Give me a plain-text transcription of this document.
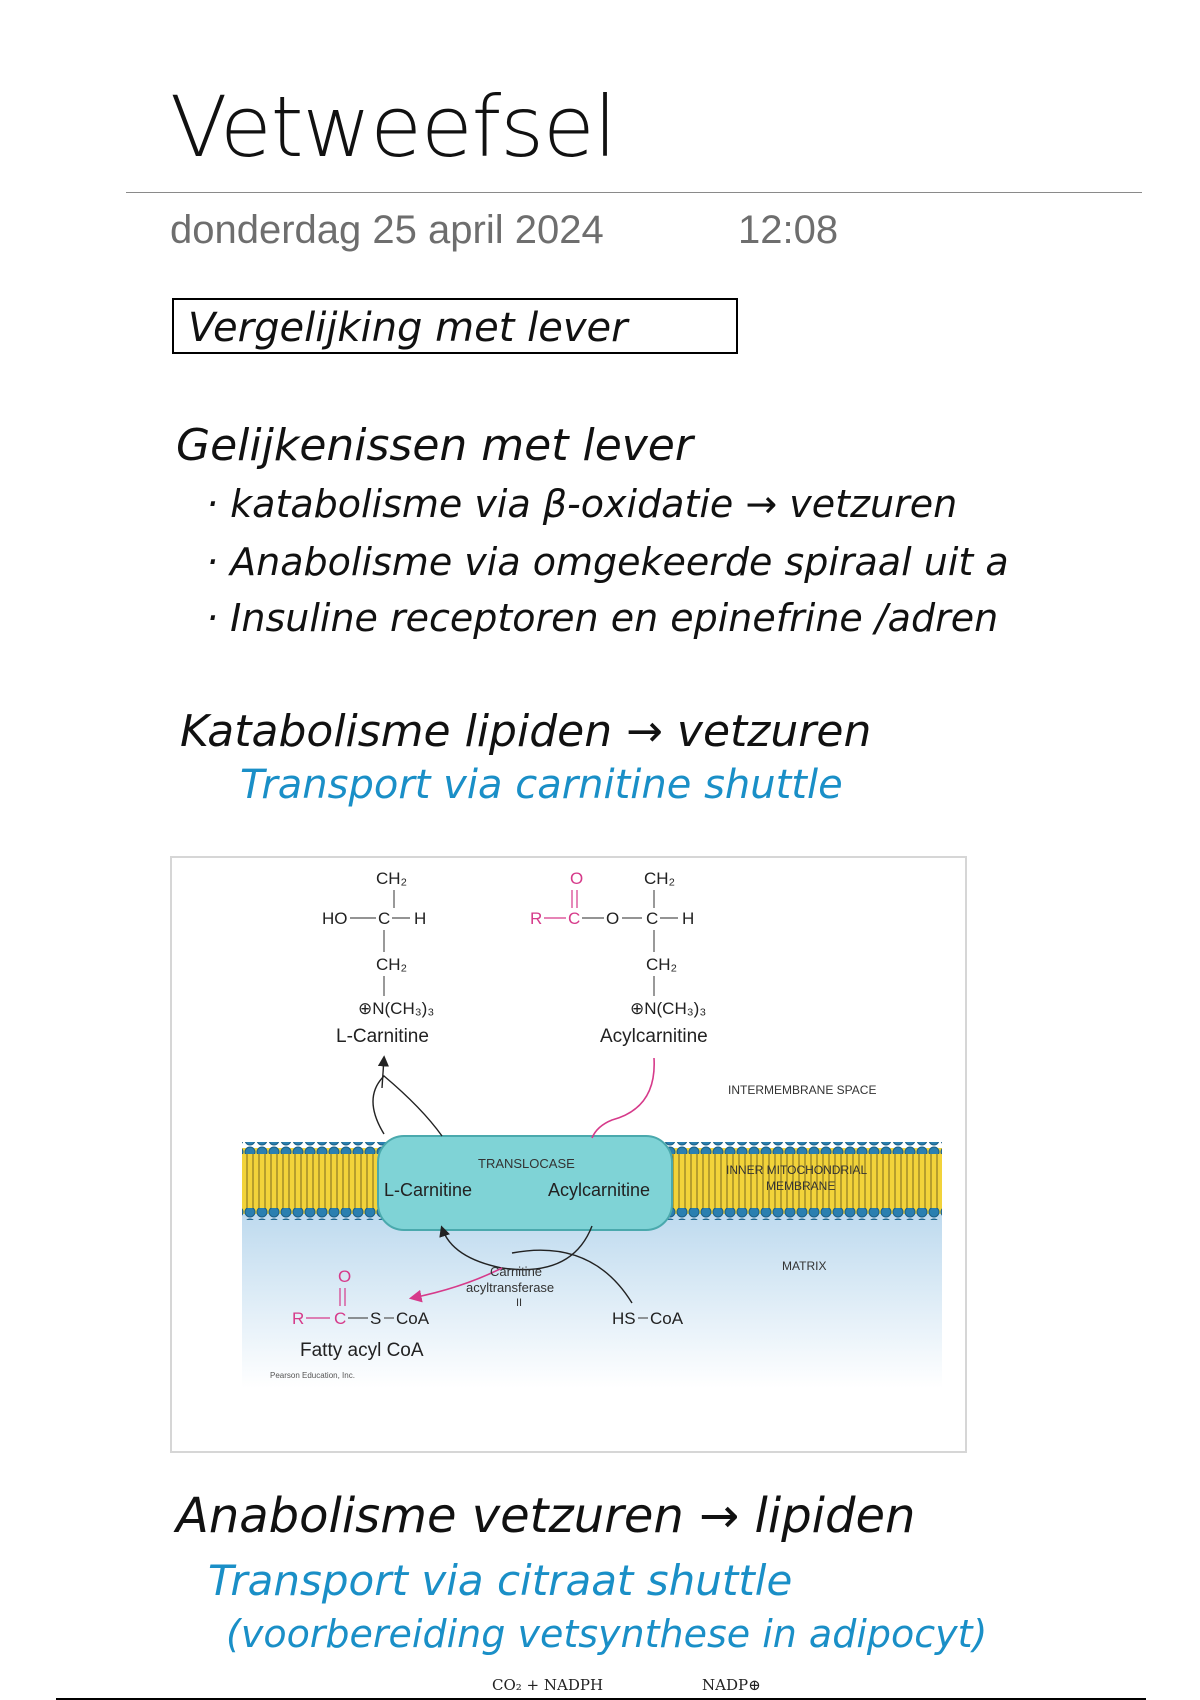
Vetweefsel
donderdag 25 april 2024	12:08
Vergelijking met lever
Gelijkenissen met lever
· katabolisme via β-oxidatie → vetzuren
· Anabolisme via omgekeerde spiraal uit a
· Insuline receptoren en epinefrine /adren
Katabolisme lipiden → vetzuren
Transport via carnitine shuttle
CH₂
HO C H
CH₂
⊕N(CH₃)₃
L-Carnitine
O
R C O C H
CH₂
CH₂
⊕N(CH₃)₃
Acylcarnitine
INTERMEMBRANE SPACE
INNER MITOCHONDRIAL
MEMBRANE
MATRIX
TRANSLOCASE
L-Carnitine	Acylcarnitine
Carnitine
acyltransferase
II
O
R C S CoA
Fatty acyl CoA
HS CoA
Pearson Education, Inc.
Anabolisme vetzuren → lipiden
Transport via citraat shuttle
(voorbereiding vetsynthese in adipocyt)
CO₂ + NADPH	NADP⊕
